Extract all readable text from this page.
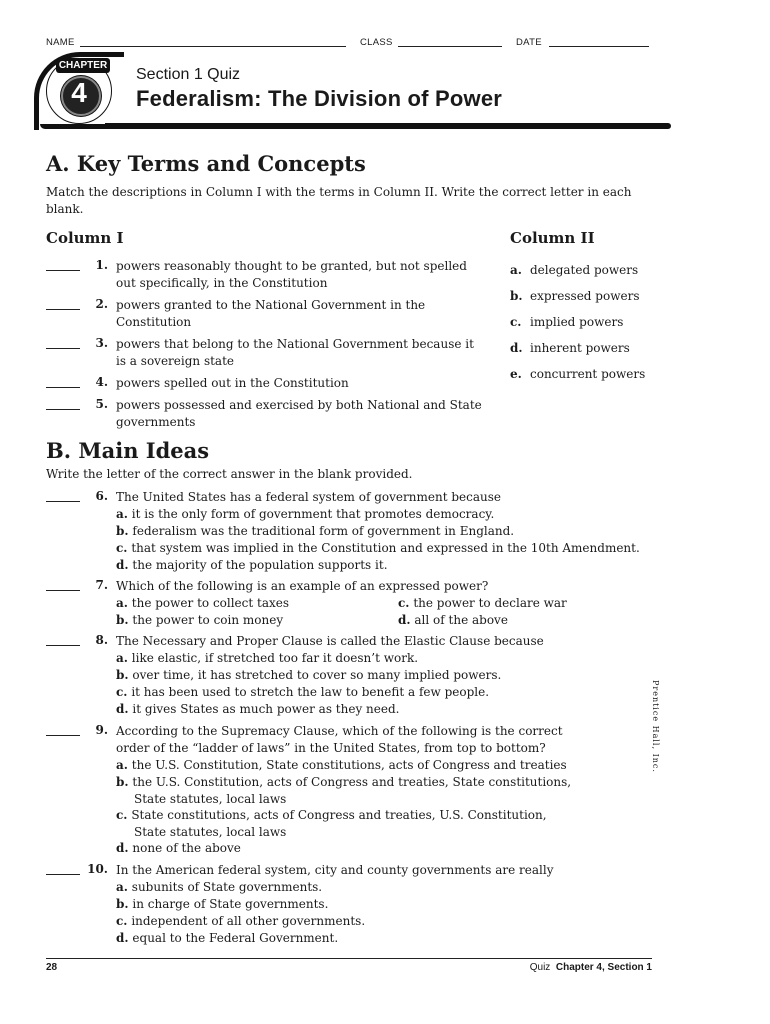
NAME	CLASS	DATE
CHAPTER
4
Section 1 Quiz
Federalism: The Division of Power
A. Key Terms and Concepts
Match the descriptions in Column I with the terms in Column II. Write the correct letter in each blank.
Column I	Column II
1. powers reasonably thought to be granted, but not spelled
out specifically, in the Constitution
2. powers granted to the National Government in the
Constitution
3. powers that belong to the National Government because it
is a sovereign state
4. powers spelled out in the Constitution
5. powers possessed and exercised by both National and State
governments
a. delegated powers
b. expressed powers
c. implied powers
d. inherent powers
e. concurrent powers
B. Main Ideas
Write the letter of the correct answer in the blank provided.
6. The United States has a federal system of government because
a. it is the only form of government that promotes democracy.
b. federalism was the traditional form of government in England.
c. that system was implied in the Constitution and expressed in the 10th Amendment.
d. the majority of the population supports it.
7. Which of the following is an example of an expressed power?
a. the power to collect taxes
b. the power to coin money
c. the power to declare war
d. all of the above
8. The Necessary and Proper Clause is called the Elastic Clause because
a. like elastic, if stretched too far it doesn’t work.
b. over time, it has stretched to cover so many implied powers.
c. it has been used to stretch the law to benefit a few people.
d. it gives States as much power as they need.
9. According to the Supremacy Clause, which of the following is the correct
order of the “ladder of laws” in the United States, from top to bottom?
a. the U.S. Constitution, State constitutions, acts of Congress and treaties
b. the U.S. Constitution, acts of Congress and treaties, State constitutions,
State statutes, local laws
c. State constitutions, acts of Congress and treaties, U.S. Constitution,
State statutes, local laws
d. none of the above
10. In the American federal system, city and county governments are really
a. subunits of State governments.
b. in charge of State governments.
c. independent of all other governments.
d. equal to the Federal Government.
Prentice Hall, Inc.
28	Quiz Chapter 4, Section 1
